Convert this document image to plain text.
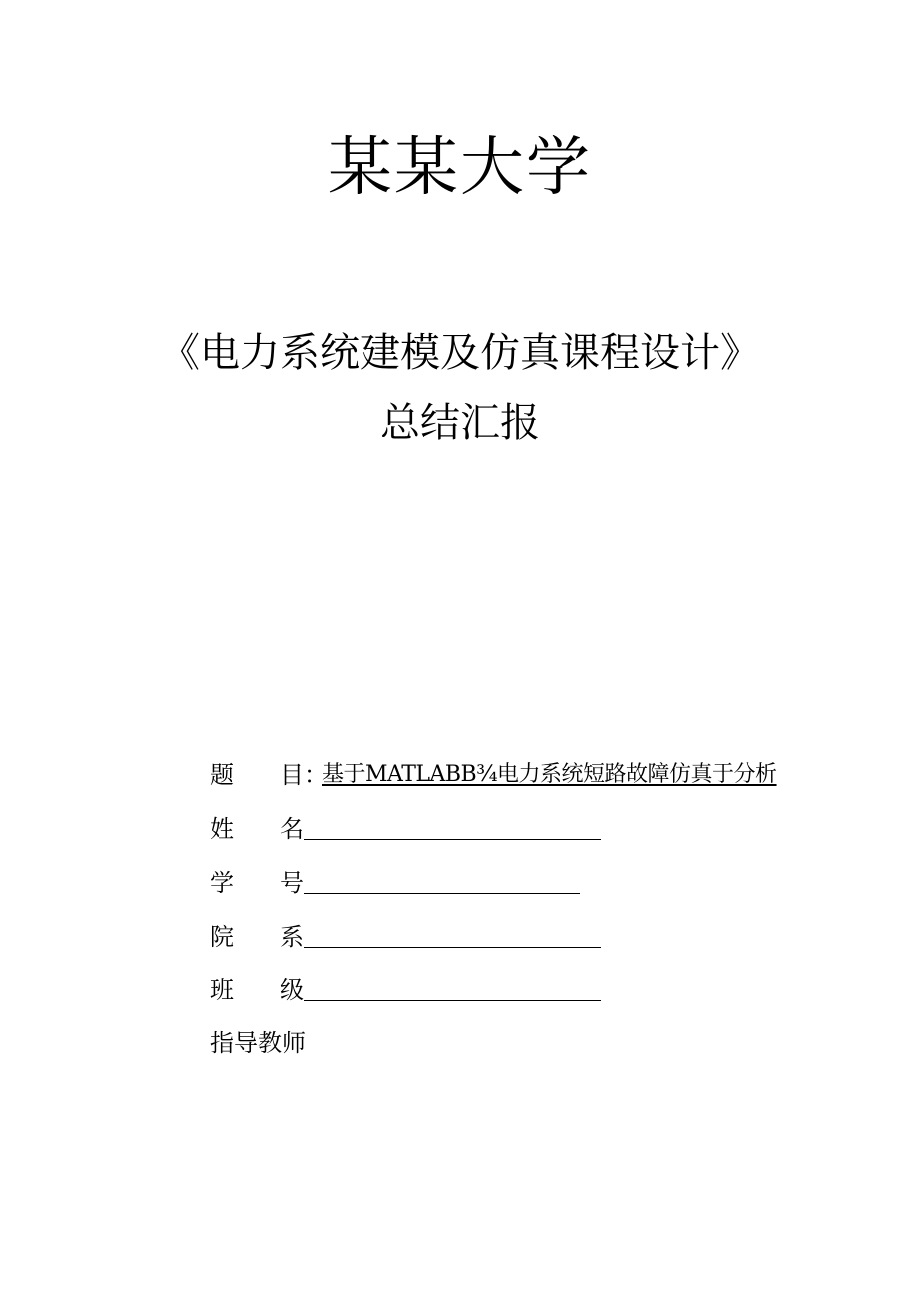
某某大学
《电力系统建模及仿真课程设计》
总结汇报
题 目：
基于MATLABB¾电力系统短路故障仿真于分析
姓 名
学 号
院 系
班 级
指导教师
